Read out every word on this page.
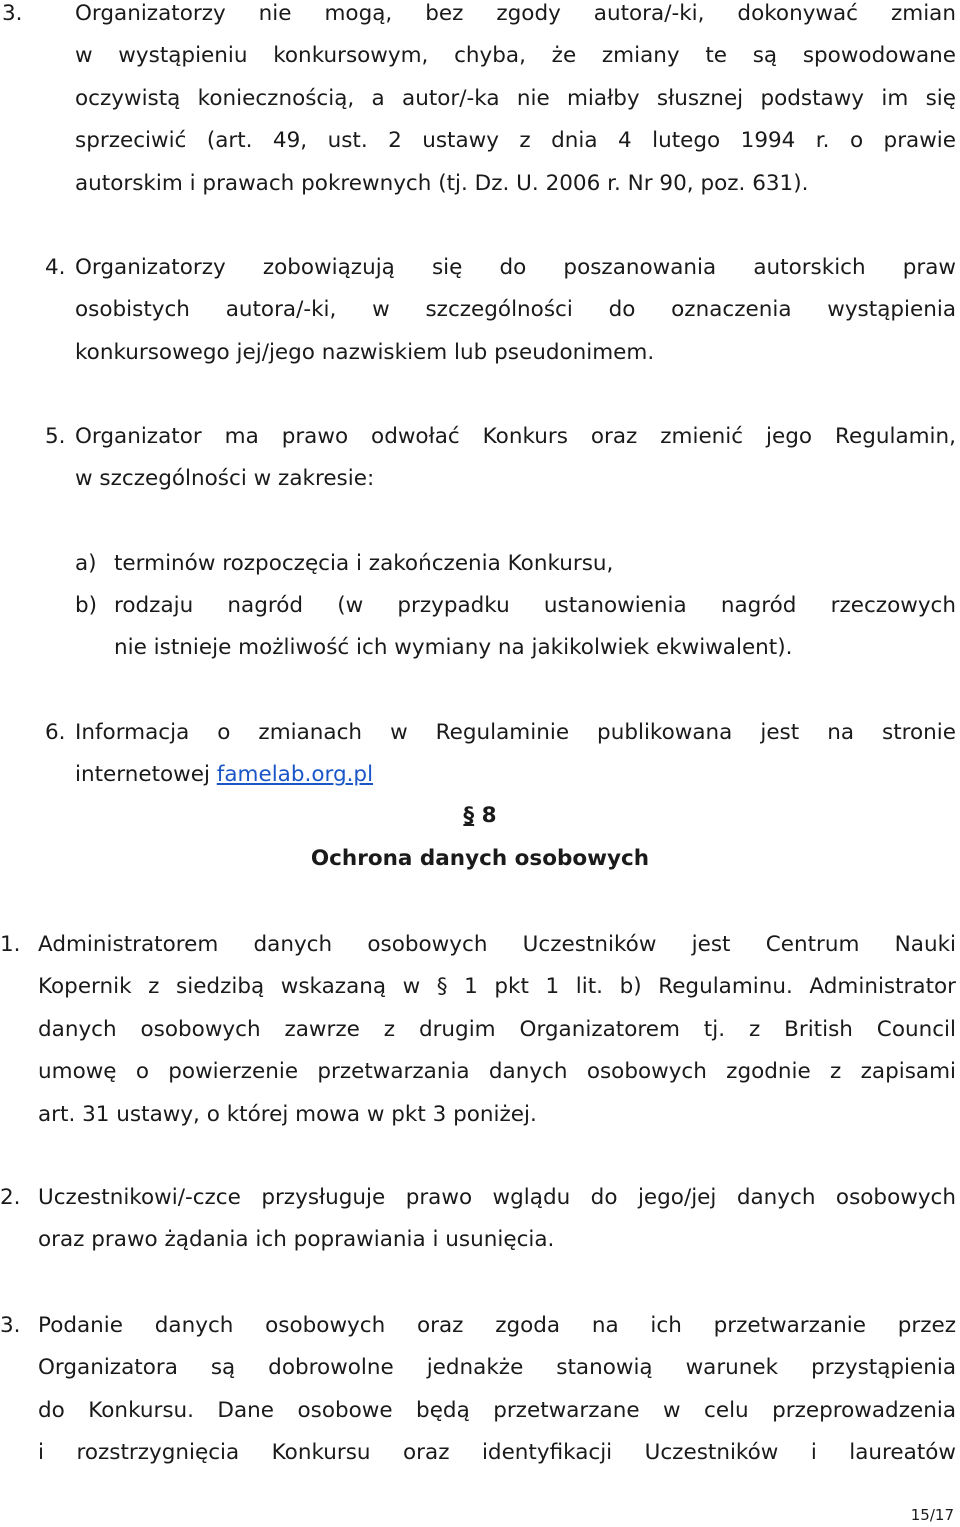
3. Organizatorzy nie mogą, bez zgody autora/-ki, dokonywać zmian
w wystąpieniu konkursowym, chyba, że zmiany te są spowodowane
oczywistą koniecznością, a autor/-ka nie miałby słusznej podstawy im się
sprzeciwić (art. 49, ust. 2 ustawy z dnia 4 lutego 1994 r. o prawie
autorskim i prawach pokrewnych (tj. Dz. U. 2006 r. Nr 90, poz. 631).
4. Organizatorzy zobowiązują się do poszanowania autorskich praw
osobistych autora/-ki, w szczególności do oznaczenia wystąpienia
konkursowego jej/jego nazwiskiem lub pseudonimem.
5. Organizator ma prawo odwołać Konkurs oraz zmienić jego Regulamin,
w szczególności w zakresie:
a) terminów rozpoczęcia i zakończenia Konkursu,
b) rodzaju nagród (w przypadku ustanowienia nagród rzeczowych
nie istnieje możliwość ich wymiany na jakikolwiek ekwiwalent).
6. Informacja o zmianach w Regulaminie publikowana jest na stronie
internetowej famelab.org.pl
§ 8
Ochrona danych osobowych
1. Administratorem danych osobowych Uczestników jest Centrum Nauki
Kopernik z siedzibą wskazaną w § 1 pkt 1 lit. b) Regulaminu. Administrator
danych osobowych zawrze z drugim Organizatorem tj. z British Council
umowę o powierzenie przetwarzania danych osobowych zgodnie z zapisami
art. 31 ustawy, o której mowa w pkt 3 poniżej.
2. Uczestnikowi/-czce przysługuje prawo wglądu do jego/jej danych osobowych
oraz prawo żądania ich poprawiania i usunięcia.
3. Podanie danych osobowych oraz zgoda na ich przetwarzanie przez
Organizatora są dobrowolne jednakże stanowią warunek przystąpienia
do Konkursu. Dane osobowe będą przetwarzane w celu przeprowadzenia
i rozstrzygnięcia Konkursu oraz identyfikacji Uczestników i laureatów
15/17
